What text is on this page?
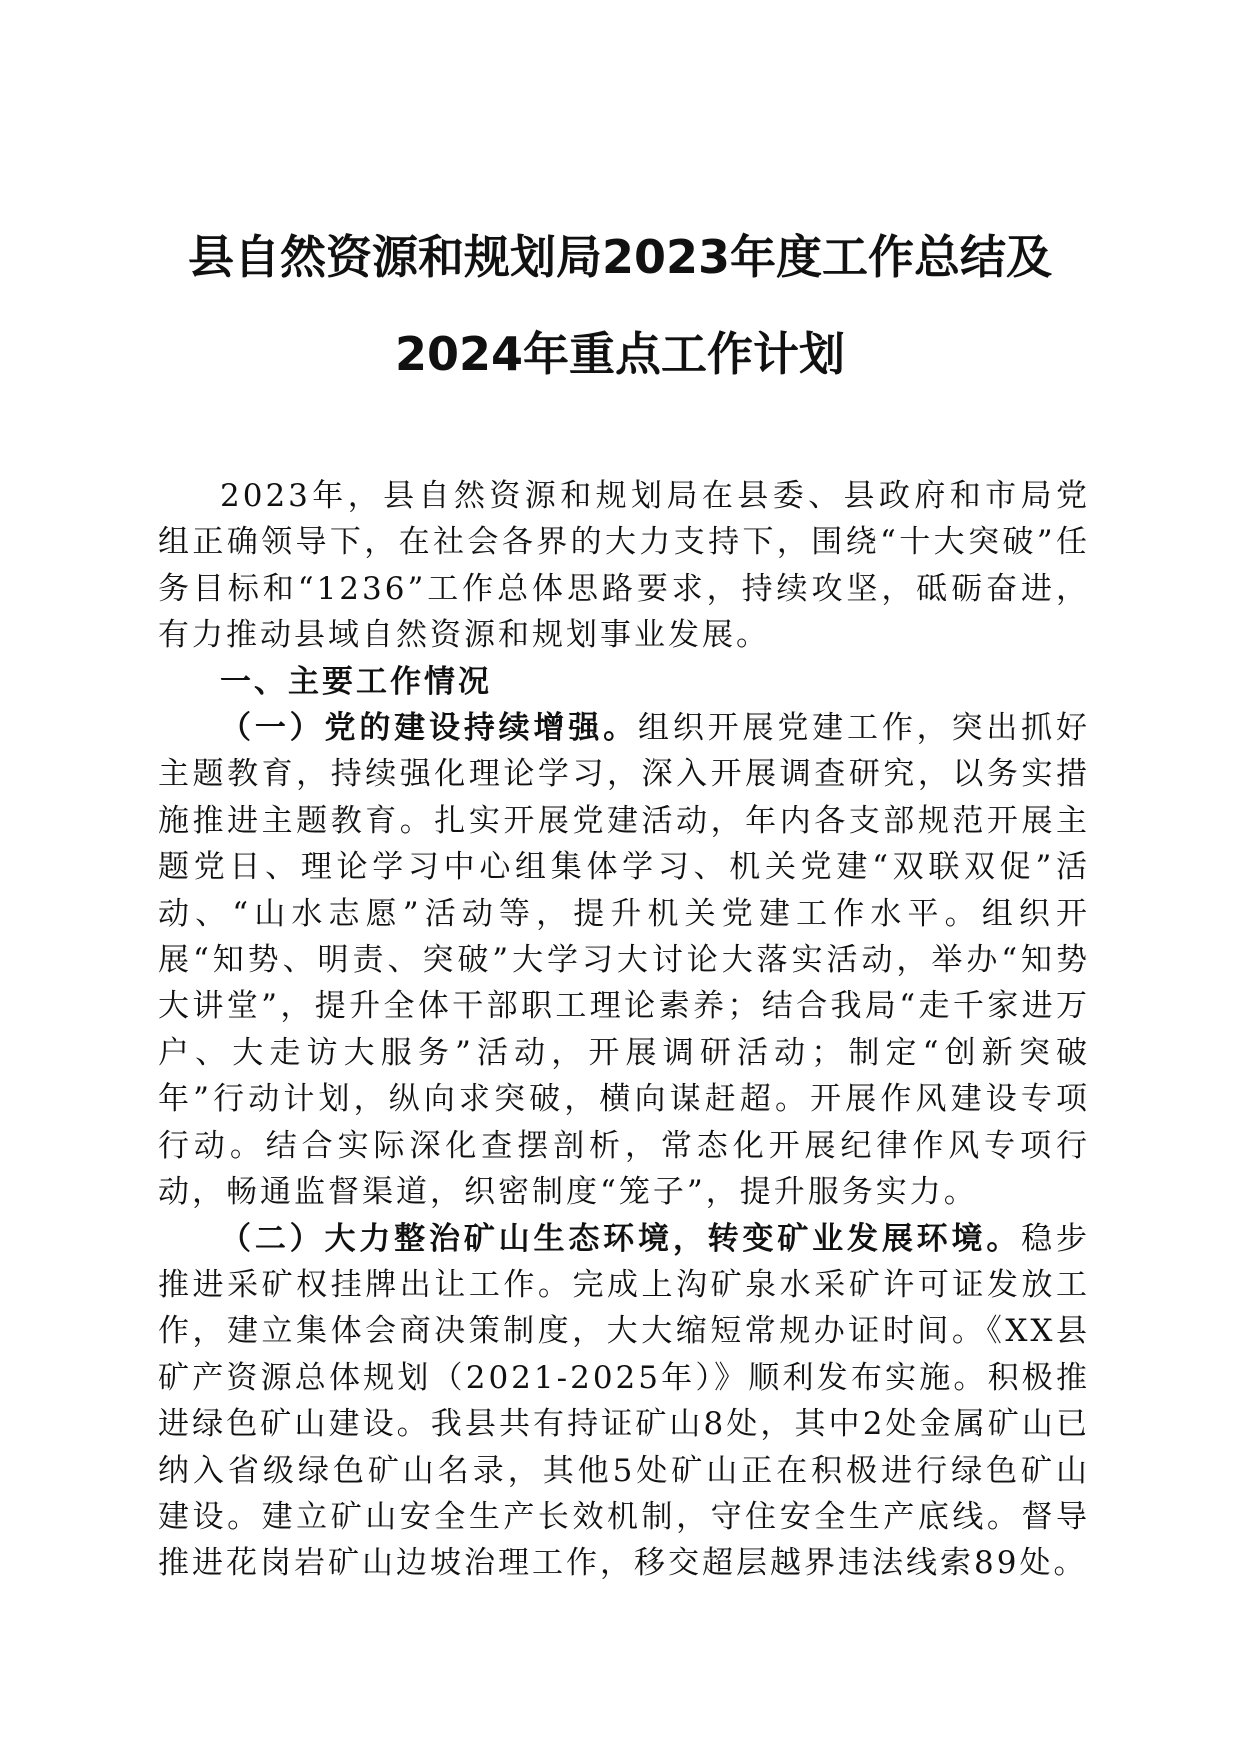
县自然资源和规划局2023年度工作总结及
2024年重点工作计划

2023年，县自然资源和规划局在县委、县政府和市局党组正确领导下，在社会各界的大力支持下，围绕“十大突破”任务目标和“1236”工作总体思路要求，持续攻坚，砥砺奋进，有力推动县域自然资源和规划事业发展。

一、主要工作情况

（一）党的建设持续增强。组织开展党建工作，突出抓好主题教育，持续强化理论学习，深入开展调查研究，以务实措施推进主题教育。扎实开展党建活动，年内各支部规范开展主题党日、理论学习中心组集体学习、机关党建“双联双促”活动、“山水志愿”活动等，提升机关党建工作水平。组织开展“知势、明责、突破”大学习大讨论大落实活动，举办“知势大讲堂”，提升全体干部职工理论素养；结合我局“走千家进万户、大走访大服务”活动，开展调研活动；制定“创新突破年”行动计划，纵向求突破，横向谋赶超。开展作风建设专项行动。结合实际深化查摆剖析，常态化开展纪律作风专项行动，畅通监督渠道，织密制度“笼子”，提升服务实力。

（二）大力整治矿山生态环境，转变矿业发展环境。稳步推进采矿权挂牌出让工作。完成上沟矿泉水采矿许可证发放工作，建立集体会商决策制度，大大缩短常规办证时间。《XX县矿产资源总体规划（2021-2025年）》顺利发布实施。积极推进绿色矿山建设。我县共有持证矿山8处，其中2处金属矿山已纳入省级绿色矿山名录，其他5处矿山正在积极进行绿色矿山建设。建立矿山安全生产长效机制，守住安全生产底线。督导推进花岗岩矿山边坡治理工作，移交超层越界违法线索89处。
